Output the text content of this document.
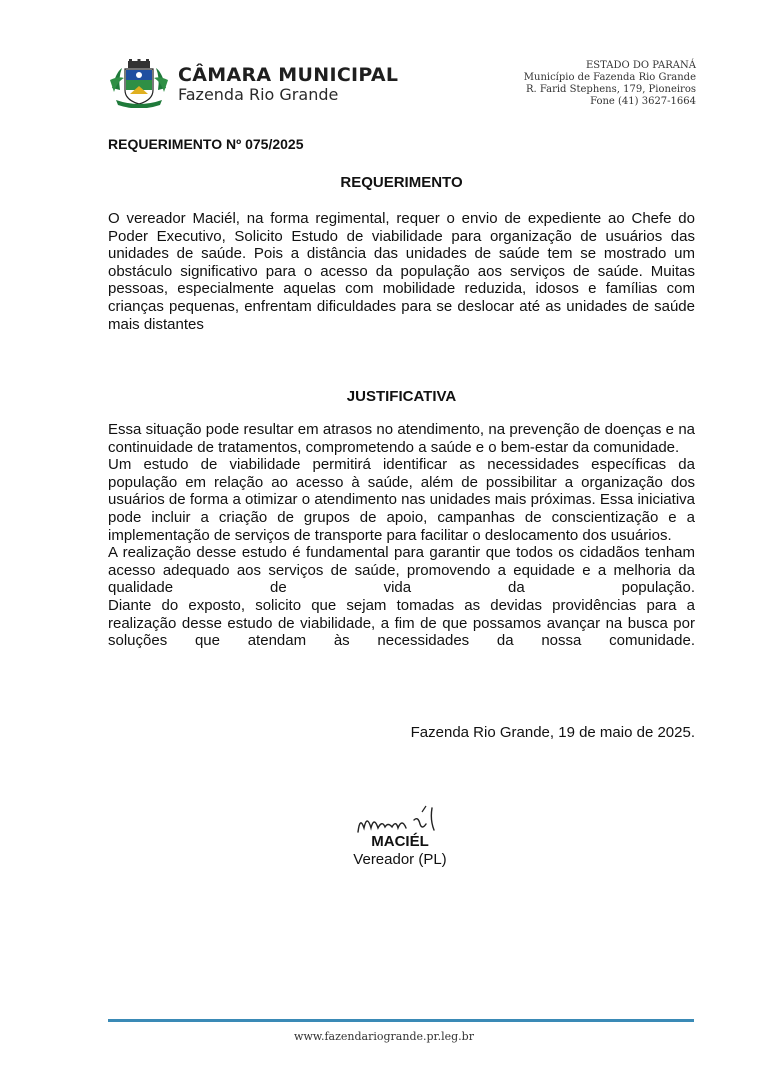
CÂMARA MUNICIPAL
Fazenda Rio Grande
ESTADO DO PARANÁ
Município de Fazenda Rio Grande
R. Farid Stephens, 179, Pioneiros
Fone (41) 3627-1664
REQUERIMENTO Nº 075/2025
REQUERIMENTO

O vereador Maciél, na forma regimental, requer o envio de expediente ao Chefe do Poder Executivo, Solicito Estudo de viabilidade para organização de usuários das unidades de saúde. Pois a distância das unidades de saúde tem se mostrado um obstáculo significativo para o acesso da população aos serviços de saúde. Muitas pessoas, especialmente aquelas com mobilidade reduzida, idosos e famílias com crianças pequenas, enfrentam dificuldades para se deslocar até as unidades de saúde mais distantes

JUSTIFICATIVA

Essa situação pode resultar em atrasos no atendimento, na prevenção de doenças e na continuidade de tratamentos, comprometendo a saúde e o bem-estar da comunidade.

Um estudo de viabilidade permitirá identificar as necessidades específicas da população em relação ao acesso à saúde, além de possibilitar a organização dos usuários de forma a otimizar o atendimento nas unidades mais próximas. Essa iniciativa pode incluir a criação de grupos de apoio, campanhas de conscientização e a implementação de serviços de transporte para facilitar o deslocamento dos usuários.

A realização desse estudo é fundamental para garantir que todos os cidadãos tenham acesso adequado aos serviços de saúde, promovendo a equidade e a melhoria da qualidade de vida da população.

Diante do exposto, solicito que sejam tomadas as devidas providências para a realização desse estudo de viabilidade, a fim de que possamos avançar na busca por soluções que atendam às necessidades da nossa comunidade.

Fazenda Rio Grande, 19 de maio de 2025.
MACIÉL
Vereador (PL)
www.fazendariogrande.pr.leg.br
